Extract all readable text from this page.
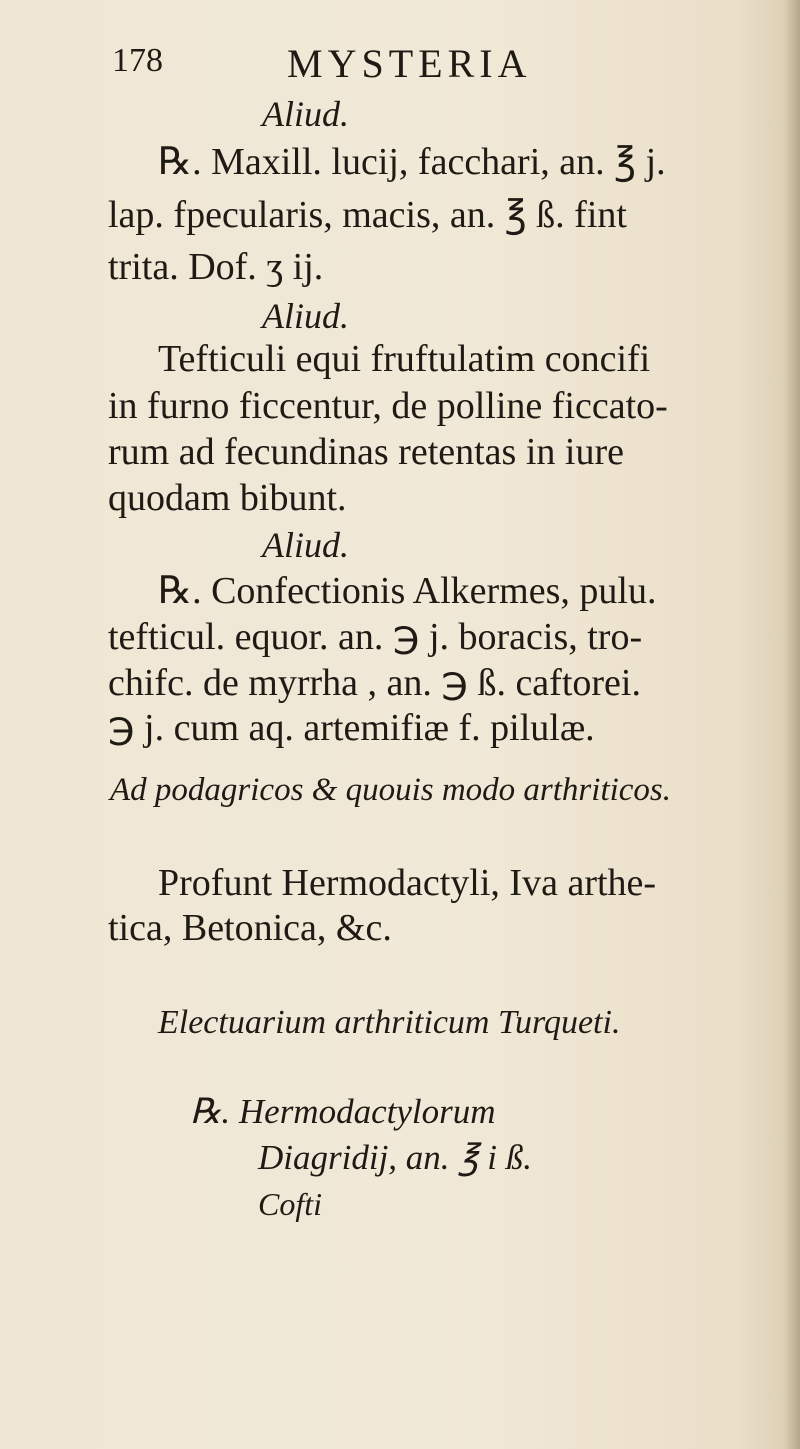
178	MYSTERIA
Aliud.
℞. Maxill. lucij, facchari, an. ℥ j.
lap. fpecularis, macis, an. ℥ ß. fint
trita. Dof. ʒ ij.
Aliud.
Tefticuli equi fruftulatim concifi
in furno ficcentur, de polline ficcato-
rum ad fecundinas retentas in iure
quodam bibunt.
Aliud.
℞. Confectionis Alkermes, pulu.
tefticul. equor. an. ℈ j. boracis, tro-
chifc. de myrrha , an. ℈ ß. caftorei.
℈ j. cum aq. artemifiæ f. pilulæ.
Ad podagricos & quouis modo arthriticos.
Profunt Hermodactyli, Iva arthe-
tica, Betonica, &c.
Electuarium arthriticum Turqueti.
℞. Hermodactylorum
Diagridij, an. ℥ i ß.
Cofti
